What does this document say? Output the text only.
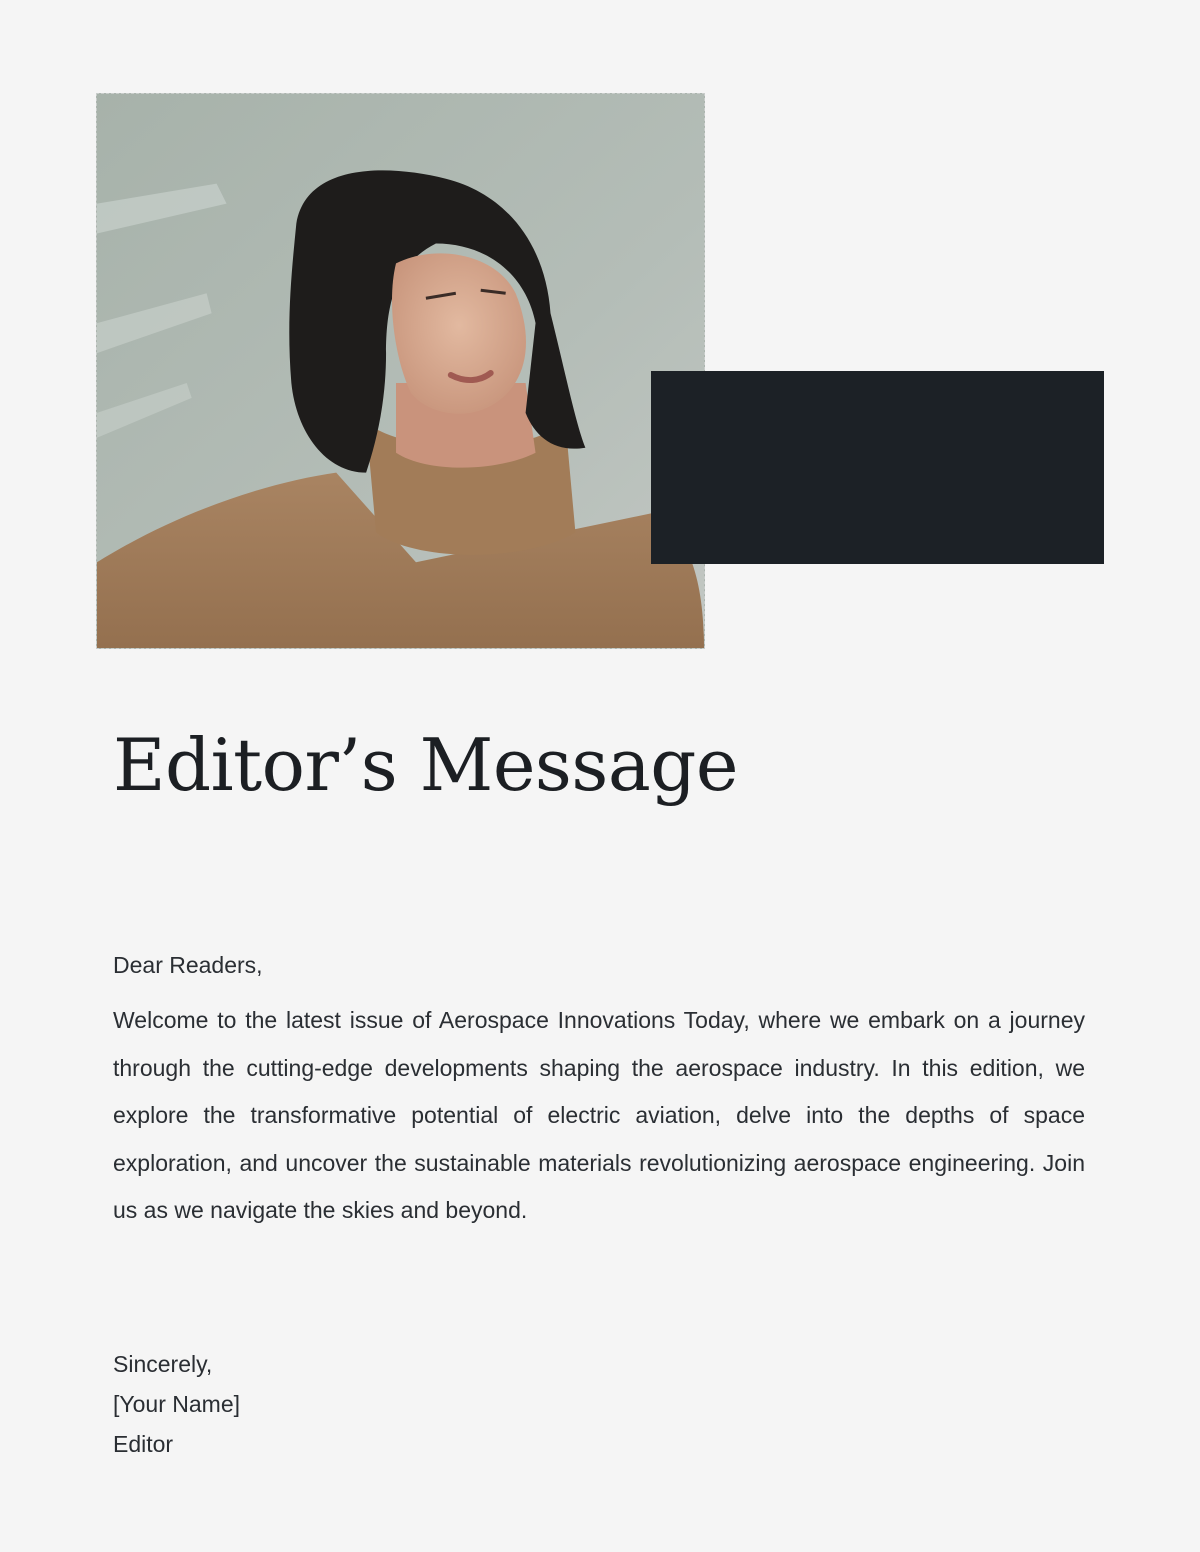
Editor’s Message

Dear Readers,

Welcome to the latest issue of Aerospace Innovations Today, where we embark on a journey through the cutting-edge developments shaping the aerospace industry. In this edition, we explore the transformative potential of electric aviation, delve into the depths of space exploration, and uncover the sustainable materials revolutionizing aerospace engineering. Join us as we navigate the skies and beyond.

Sincerely,
[Your Name]
Editor
